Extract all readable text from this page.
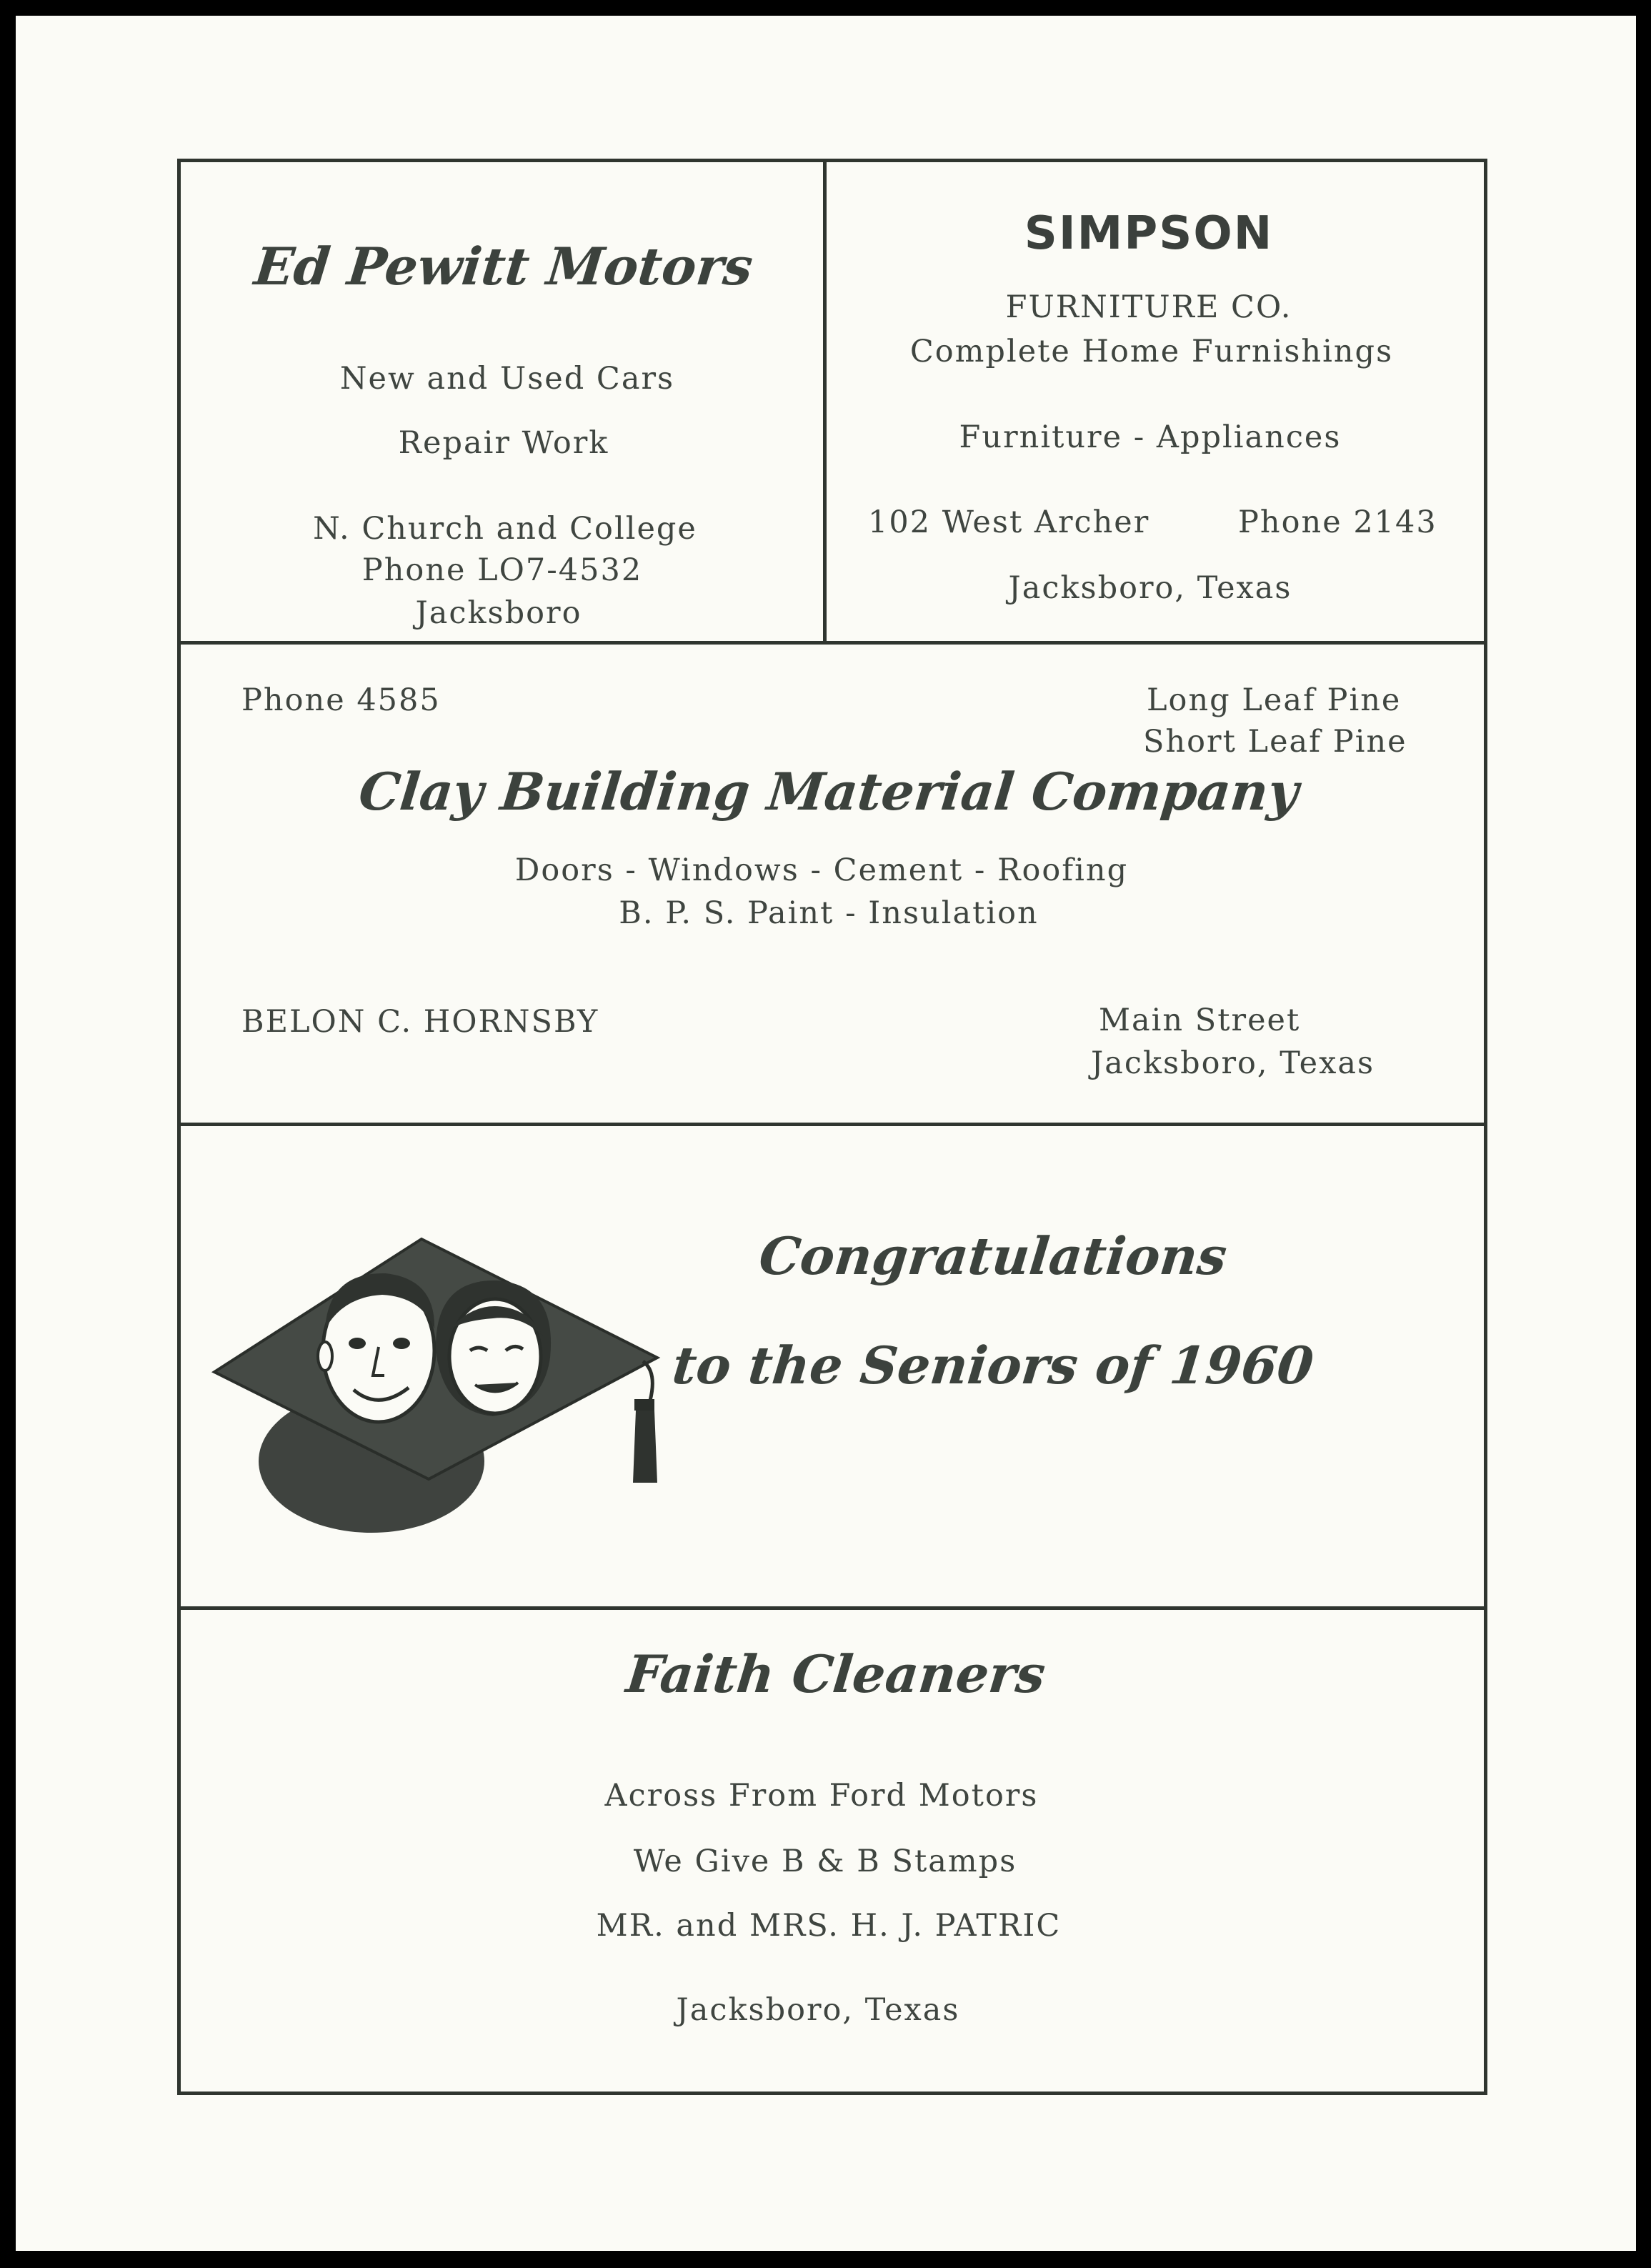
Ed Pewitt Motors
New and Used Cars
Repair Work
N. Church and College
Phone LO7-4532
Jacksboro
SIMPSON
FURNITURE CO.
Complete Home Furnishings
Furniture - Appliances
102 West Archer	Phone 2143
Jacksboro, Texas
Phone 4585	Long Leaf Pine
Short Leaf Pine
Clay Building Material Company
Doors - Windows - Cement - Roofing
B. P. S. Paint - Insulation
BELON C. HORNSBY	Main Street
Jacksboro, Texas
Congratulations
to the Seniors of 1960
Faith Cleaners
Across From Ford Motors
We Give B & B Stamps
MR. and MRS. H. J. PATRIC
Jacksboro, Texas
